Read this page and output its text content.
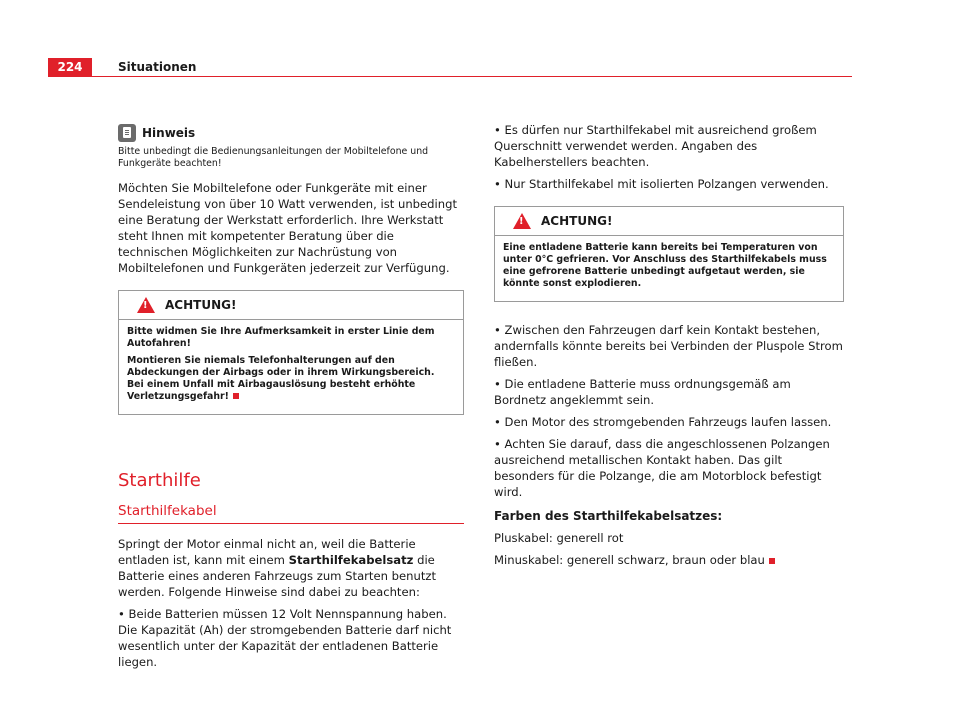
224	Situationen
Hinweis

Bitte unbedingt die Bedienungsanleitungen der Mobiltelefone und Funkgeräte beachten!

Möchten Sie Mobiltelefone oder Funkgeräte mit einer Sendeleistung von über 10 Watt verwenden, ist unbedingt eine Beratung der Werkstatt erforderlich. Ihre Werkstatt steht Ihnen mit kompetenter Beratung über die technischen Möglichkeiten zur Nachrüstung von Mobiltelefonen und Funkgeräten jederzeit zur Verfügung.

!
ACHTUNG!

Bitte widmen Sie Ihre Aufmerksamkeit in erster Linie dem Autofahren!

Montieren Sie niemals Telefonhalterungen auf den Abdeckungen der Airbags oder in ihrem Wirkungsbereich. Bei einem Unfall mit Airbagauslösung besteht erhöhte Verletzungsgefahr!

Starthilfe
Starthilfekabel

Springt der Motor einmal nicht an, weil die Batterie entladen ist, kann mit einem Starthilfekabelsatz die Batterie eines anderen Fahrzeugs zum Starten benutzt werden. Folgende Hinweise sind dabei zu beachten:

• Beide Batterien müssen 12 Volt Nennspannung haben. Die Kapazität (Ah) der stromgebenden Batterie darf nicht wesentlich unter der Kapazität der entladenen Batterie liegen.

• Es dürfen nur Starthilfekabel mit ausreichend großem Querschnitt verwendet werden. Angaben des Kabelherstellers beachten.

• Nur Starthilfekabel mit isolierten Polzangen verwenden.

!
ACHTUNG!

Eine entladene Batterie kann bereits bei Temperaturen von unter 0°C gefrieren. Vor Anschluss des Starthilfekabels muss eine gefrorene Batterie unbedingt aufgetaut werden, sie könnte sonst explodieren.

• Zwischen den Fahrzeugen darf kein Kontakt bestehen, andernfalls könnte bereits bei Verbinden der Pluspole Strom fließen.

• Die entladene Batterie muss ordnungsgemäß am Bordnetz angeklemmt sein.

• Den Motor des stromgebenden Fahrzeugs laufen lassen.

• Achten Sie darauf, dass die angeschlossenen Polzangen ausreichend metallischen Kontakt haben. Das gilt besonders für die Polzange, die am Motorblock befestigt wird.

Farben des Starthilfekabelsatzes:

Pluskabel: generell rot

Minuskabel: generell schwarz, braun oder blau
